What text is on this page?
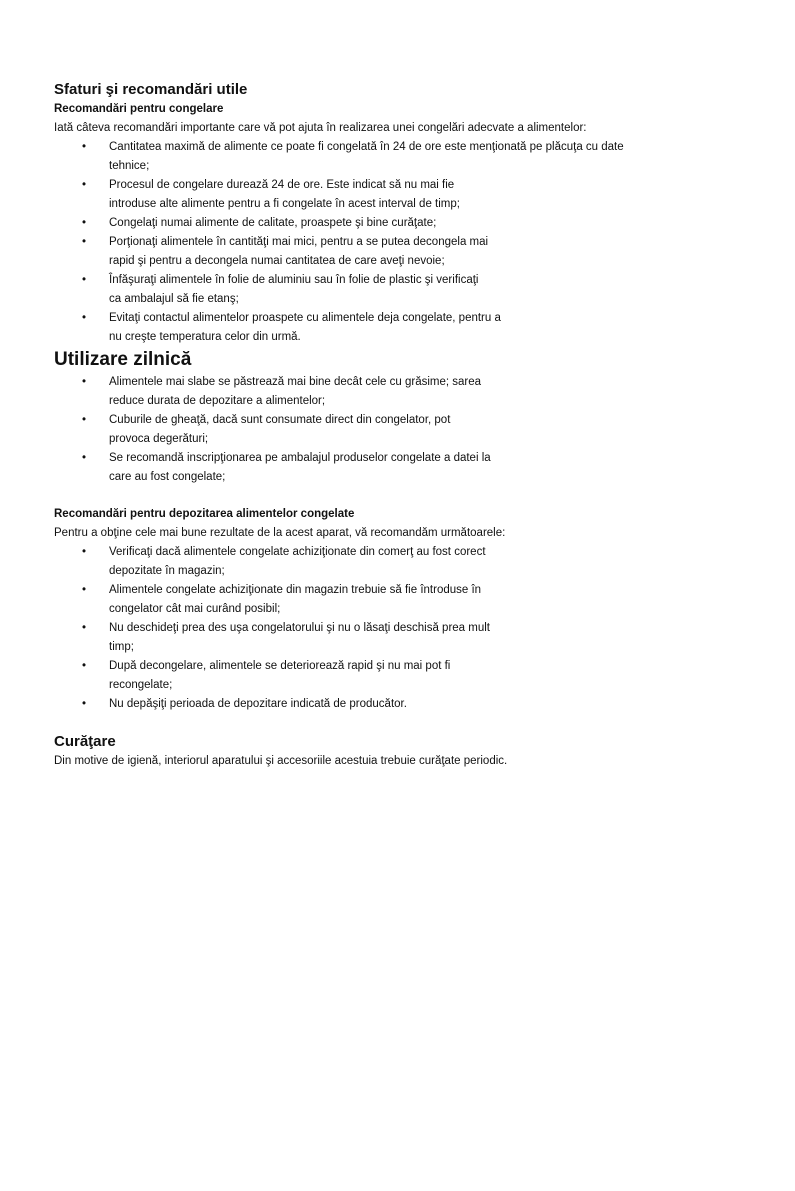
Sfaturi şi recomandări utile
Recomandări pentru congelare

Iată câteva recomandări importante care vă pot ajuta în realizarea unei congelări adecvate a alimentelor:

• Cantitatea maximă de alimente ce poate fi congelată în 24 de ore este menţionată pe plăcuţa cu date tehnice;
• Procesul de congelare durează 24 de ore. Este indicat să nu mai fie introduse alte alimente pentru a fi congelate în acest interval de timp;
• Congelaţi numai alimente de calitate, proaspete şi bine curăţate;
• Porţionaţi alimentele în cantităţi mai mici, pentru a se putea decongela mai rapid şi pentru a decongela numai cantitatea de care aveţi nevoie;
• Înfăşuraţi alimentele în folie de aluminiu sau în folie de plastic şi verificaţi ca ambalajul să fie etanş;
• Evitaţi contactul alimentelor proaspete cu alimentele deja congelate, pentru a nu creşte temperatura celor din urmă.
Utilizare zilnică
• Alimentele mai slabe se păstrează mai bine decât cele cu grăsime; sarea reduce durata de depozitare a alimentelor;
• Cuburile de gheaţă, dacă sunt consumate direct din congelator, pot provoca degerături;
• Se recomandă inscripţionarea pe ambalajul produselor congelate a datei la care au fost congelate;
Recomandări pentru depozitarea alimentelor congelate

Pentru a obţine cele mai bune rezultate de la acest aparat, vă recomandăm următoarele:

• Verificaţi dacă alimentele congelate achiziţionate din comerţ au fost corect depozitate în magazin;
• Alimentele congelate achiziţionate din magazin trebuie să fie întroduse în congelator cât mai curând posibil;
• Nu deschideţi prea des uşa congelatorului şi nu o lăsaţi deschisă prea mult timp;
• După decongelare, alimentele se deteriorează rapid şi nu mai pot fi recongelate;
• Nu depăşiţi perioada de depozitare indicată de producător.
Curăţare

Din motive de igienă, interiorul aparatului şi accesoriile acestuia trebuie curăţate periodic.
